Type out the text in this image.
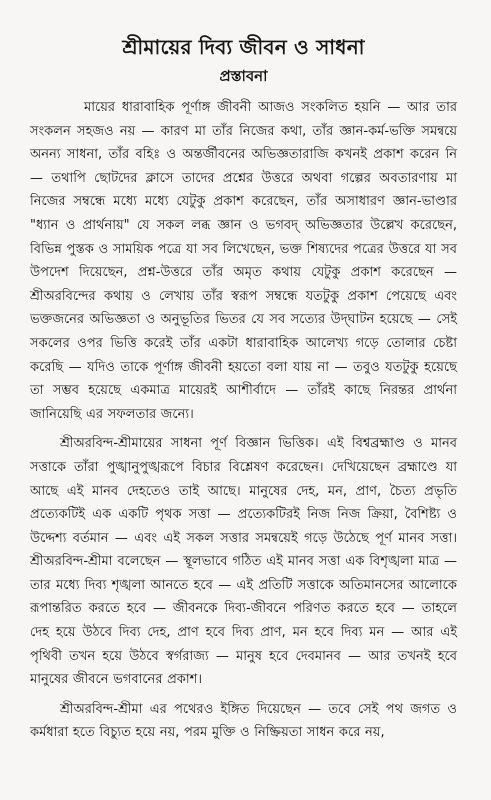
শ্রীমায়ের দিব্য জীবন ও সাধনা
প্রস্তাবনা

মায়ের ধারাবাহিক পূর্ণাঙ্গ জীবনী আজও সংকলিত হয়নি — আর তার সংকলন সহজও নয় — কারণ মা তাঁর নিজের কথা, তাঁর জ্ঞান-কর্ম-ভক্তি সমন্বয়ে অনন্য সাধনা, তাঁর বহিঃ ও অন্তর্জীবনের অভিজ্ঞতারাজি কখনই প্রকাশ করেন নি — তথাপি ছোটদের ক্লাসে তাদের প্রশ্নের উত্তরে অথবা গল্পের অবতারণায় মা নিজের সম্বন্ধে মধ্যে মধ্যে যেটুকু প্রকাশ করেছেন, তাঁর অসাধারণ জ্ঞান-ভাণ্ডার "ধ্যান ও প্রার্থনায়" যে সকল লব্ধ জ্ঞান ও ভগবদ্‌ অভিজ্ঞতার উল্লেখ করেছেন, বিভিন্ন পুস্তক ও সাময়িক পত্রে যা সব লিখেছেন, ভক্ত শিষ্যদের পত্রের উত্তরে যা সব উপদেশ দিয়েছেন, প্রশ্ন-উত্তরে তাঁর অমৃত কথায় যেটুকু প্রকাশ করেছেন — শ্রীঅরবিন্দের কথায় ও লেখায় তাঁর স্বরূপ সম্বন্ধে যতটুকু প্রকাশ পেয়েছে এবং ভক্তজনের অভিজ্ঞতা ও অনুভূতির ভিতর যে সব সত্যের উদ্‌ঘাটন হয়েছে — সেই সকলের ওপর ভিত্তি করেই তাঁর একটা ধারাবাহিক আলেখ্য গড়ে তোলার চেষ্টা করেছি — যদিও তাকে পূর্ণাঙ্গ জীবনী হয়তো বলা যায় না — তবুও যতটুকু হয়েছে তা সম্ভব হয়েছে একমাত্র মায়েরই আশীর্বাদে — তাঁরই কাছে নিরন্তর প্রার্থনা জানিয়েছি এর সফলতার জন্যে।

শ্রীঅরবিন্দ-শ্রীমায়ের সাধনা পূর্ণ বিজ্ঞান ভিত্তিক। এই বিশ্বব্রহ্মাণ্ড ও মানব সত্তাকে তাঁরা পুঙ্খানুপুঙ্খরূপে বিচার বিশ্লেষণ করেছেন। দেখিয়েছেন ব্রহ্মাণ্ডে যা আছে এই মানব দেহতেও তাই আছে। মানুষের দেহ, মন, প্রাণ, চৈত্য প্রভৃতি প্রত্যেকটিই এক একটি পৃথক সত্তা — প্রত্যেকটিরই নিজ নিজ ক্রিয়া, বৈশিষ্ট্য ও উদ্দেশ্য বর্তমান — এবং এই সকল সত্তার সমন্বয়েই গড়ে উঠেছে পূর্ণ মানব সত্তা। শ্রীঅরবিন্দ-শ্রীমা বলেছেন — স্থূলভাবে গঠিত এই মানব সত্তা এক বিশৃঙ্খলা মাত্র — তার মধ্যে দিব্য শৃঙ্খলা আনতে হবে — এই প্রতিটি সত্তাকে অতিমানসের আলোকে রূপান্তরিত করতে হবে — জীবনকে দিব্য-জীবনে পরিণত করতে হবে — তাহলে দেহ হয়ে উঠবে দিব্য দেহ, প্রাণ হবে দিব্য প্রাণ, মন হবে দিব্য মন — আর এই পৃথিবী তখন হয়ে উঠবে স্বর্গরাজ্য — মানুষ হবে দেবমানব — আর তখনই হবে মানুষের জীবনে ভগবানের প্রকাশ।

শ্রীঅরবিন্দ-শ্রীমা এর পথেরও ইঙ্গিত দিয়েছেন — তবে সেই পথ জগত ও কর্মধারা হতে বিচ্যুত হয়ে নয়, পরম মুক্তি ও নিষ্ক্রিয়তা সাধন করে নয়,
